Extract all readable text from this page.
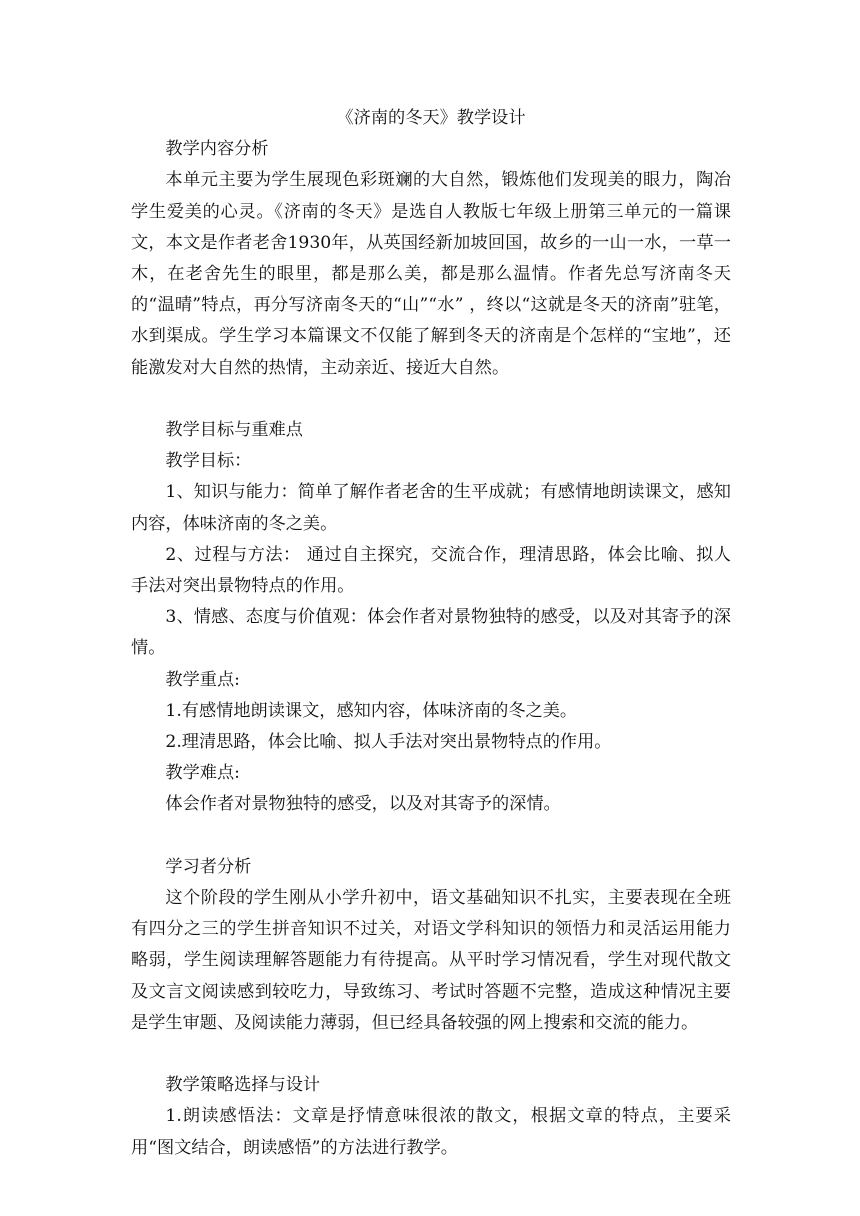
《济南的冬天》教学设计

教学内容分析

本单元主要为学生展现色彩斑斓的大自然，锻炼他们发现美的眼力，陶冶学生爱美的心灵。《济南的冬天》是选自人教版七年级上册第三单元的一篇课文，本文是作者老舍1930年，从英国经新加坡回国，故乡的一山一水，一草一木，在老舍先生的眼里，都是那么美，都是那么温情。作者先总写济南冬天的“温晴”特点，再分写济南冬天的“山”“水” ，终以“这就是冬天的济南”驻笔，水到渠成。学生学习本篇课文不仅能了解到冬天的济南是个怎样的“宝地”，还能激发对大自然的热情，主动亲近、接近大自然。

教学目标与重难点

教学目标：

1、知识与能力：简单了解作者老舍的生平成就；有感情地朗读课文，感知内容，体味济南的冬之美。

2、过程与方法： 通过自主探究，交流合作，理清思路，体会比喻、拟人手法对突出景物特点的作用。

3、情感、态度与价值观：体会作者对景物独特的感受，以及对其寄予的深情。

教学重点:

1.有感情地朗读课文，感知内容，体味济南的冬之美。

2.理清思路，体会比喻、拟人手法对突出景物特点的作用。

教学难点:

体会作者对景物独特的感受，以及对其寄予的深情。

学习者分析

这个阶段的学生刚从小学升初中，语文基础知识不扎实，主要表现在全班有四分之三的学生拼音知识不过关，对语文学科知识的领悟力和灵活运用能力略弱，学生阅读理解答题能力有待提高。从平时学习情况看，学生对现代散文及文言文阅读感到较吃力，导致练习、考试时答题不完整，造成这种情况主要是学生审题、及阅读能力薄弱，但已经具备较强的网上搜索和交流的能力。

教学策略选择与设计

1.朗读感悟法：文章是抒情意味很浓的散文，根据文章的特点，主要采用“图文结合，朗读感悟”的方法进行教学。
